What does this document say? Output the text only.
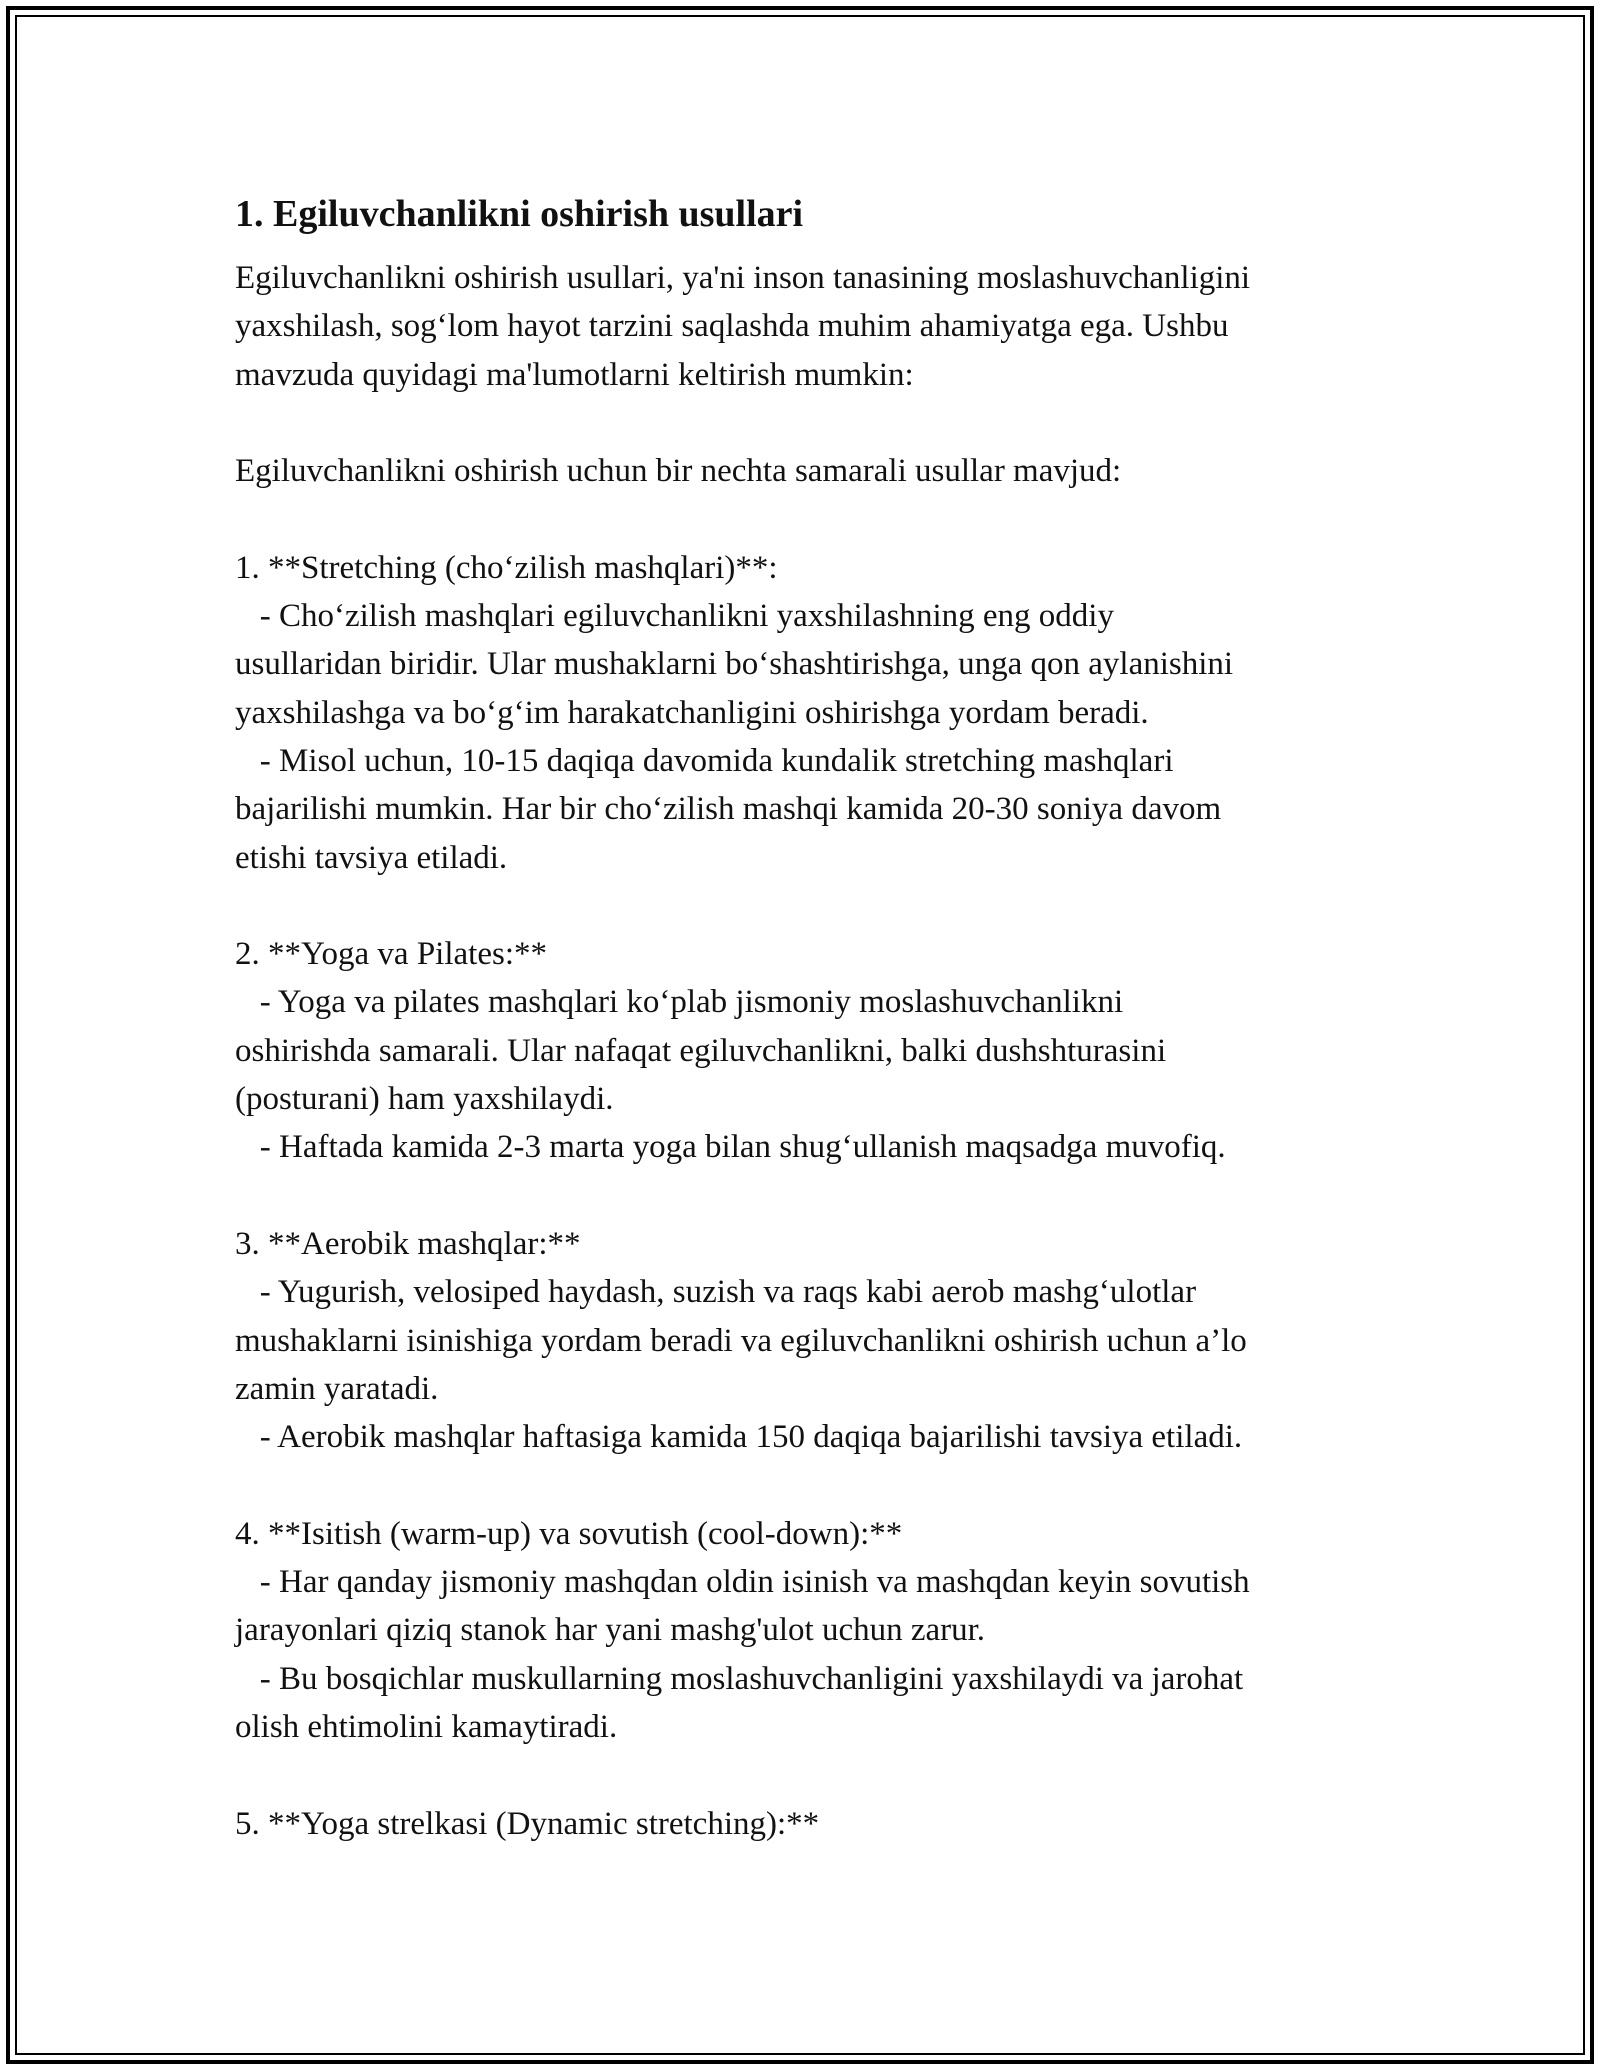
1. Egiluvchanlikni oshirish usullari

Egiluvchanlikni oshirish usullari, ya'ni inson tanasining moslashuvchanligini

yaxshilash, sog‘lom hayot tarzini saqlashda muhim ahamiyatga ega. Ushbu

mavzuda quyidagi ma'lumotlarni keltirish mumkin:

Egiluvchanlikni oshirish uchun bir nechta samarali usullar mavjud:

1. **Stretching (cho‘zilish mashqlari)**:

- Cho‘zilish mashqlari egiluvchanlikni yaxshilashning eng oddiy

usullaridan biridir. Ular mushaklarni bo‘shashtirishga, unga qon aylanishini

yaxshilashga va bo‘g‘im harakatchanligini oshirishga yordam beradi.

- Misol uchun, 10-15 daqiqa davomida kundalik stretching mashqlari

bajarilishi mumkin. Har bir cho‘zilish mashqi kamida 20-30 soniya davom

etishi tavsiya etiladi.

2. **Yoga va Pilates:**

- Yoga va pilates mashqlari ko‘plab jismoniy moslashuvchanlikni

oshirishda samarali. Ular nafaqat egiluvchanlikni, balki dushshturasini

(posturani) ham yaxshilaydi.

- Haftada kamida 2-3 marta yoga bilan shug‘ullanish maqsadga muvofiq.

3. **Aerobik mashqlar:**

- Yugurish, velosiped haydash, suzish va raqs kabi aerob mashg‘ulotlar

mushaklarni isinishiga yordam beradi va egiluvchanlikni oshirish uchun a’lo

zamin yaratadi.

- Aerobik mashqlar haftasiga kamida 150 daqiqa bajarilishi tavsiya etiladi.

4. **Isitish (warm-up) va sovutish (cool-down):**

- Har qanday jismoniy mashqdan oldin isinish va mashqdan keyin sovutish

jarayonlari qiziq stanok har yani mashg'ulot uchun zarur.

- Bu bosqichlar muskullarning moslashuvchanligini yaxshilaydi va jarohat

olish ehtimolini kamaytiradi.

5. **Yoga strelkasi (Dynamic stretching):**
